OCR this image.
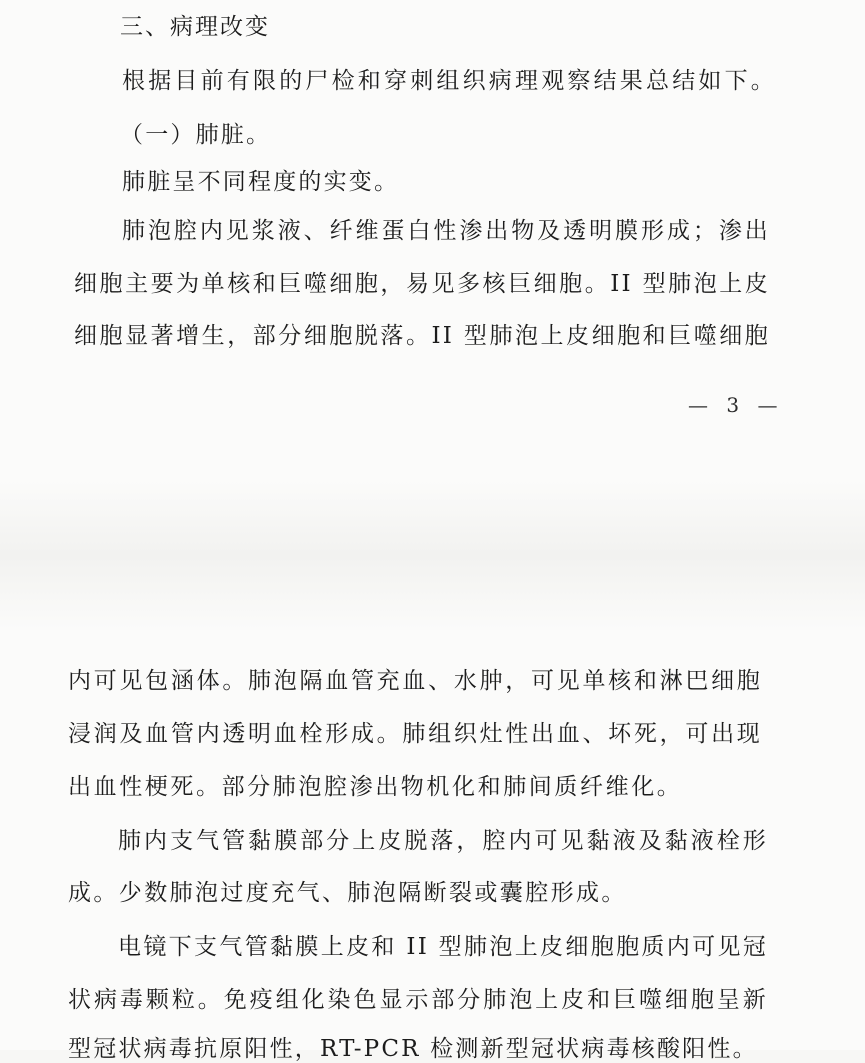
三、病理改变
根据目前有限的尸检和穿刺组织病理观察结果总结如下。
（一）肺脏。
肺脏呈不同程度的实变。
肺泡腔内见浆液、纤维蛋白性渗出物及透明膜形成；渗出
细胞主要为单核和巨噬细胞，易见多核巨细胞。II 型肺泡上皮
细胞显著增生，部分细胞脱落。II 型肺泡上皮细胞和巨噬细胞
— 3 —
内可见包涵体。肺泡隔血管充血、水肿，可见单核和淋巴细胞
浸润及血管内透明血栓形成。肺组织灶性出血、坏死，可出现
出血性梗死。部分肺泡腔渗出物机化和肺间质纤维化。
肺内支气管黏膜部分上皮脱落，腔内可见黏液及黏液栓形
成。少数肺泡过度充气、肺泡隔断裂或囊腔形成。
电镜下支气管黏膜上皮和 II 型肺泡上皮细胞胞质内可见冠
状病毒颗粒。免疫组化染色显示部分肺泡上皮和巨噬细胞呈新
型冠状病毒抗原阳性，RT-PCR 检测新型冠状病毒核酸阳性。
